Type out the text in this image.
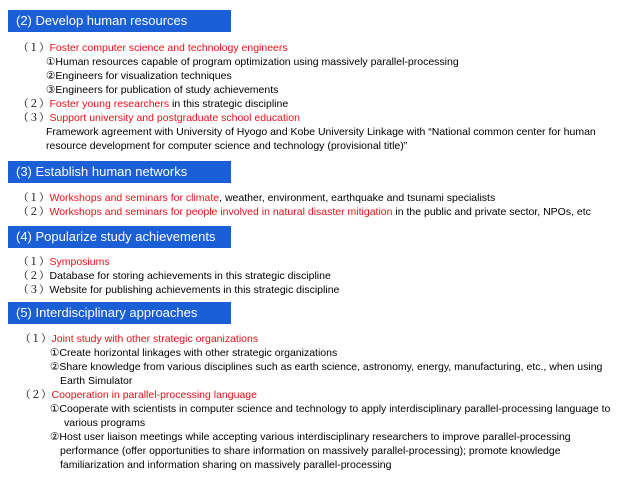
(2) Develop human resources
（１）Foster computer science and technology engineers
①Human resources capable of program optimization using massively parallel-processing
②Engineers for visualization techniques
③Engineers for publication of study achievements
（２）Foster young researchers in this strategic discipline
（３）Support university and postgraduate school education
Framework agreement with University of Hyogo and Kobe University Linkage with “National common center for human
resource development for computer science and technology (provisional title)”
(3) Establish human networks
（１）Workshops and seminars for climate, weather, environment, earthquake and tsunami specialists
（２）Workshops and seminars for people involved in natural disaster mitigation in the public and private sector, NPOs, etc
(4) Popularize study achievements
（１）Symposiums
（２）Database for storing achievements in this strategic discipline
（３）Website for publishing achievements in this strategic discipline
(5) Interdisciplinary approaches
（１）Joint study with other strategic organizations
①Create horizontal linkages with other strategic organizations
②Share knowledge from various disciplines such as earth science, astronomy, energy, manufacturing, etc., when using
Earth Simulator
（２）Cooperation in parallel-processing language
①Cooperate with scientists in computer science and technology to apply interdisciplinary parallel-processing language to
various programs
②Host user liaison meetings while accepting various interdisciplinary researchers to improve parallel-processing
performance (offer opportunities to share information on massively parallel-processing); promote knowledge
familiarization and information sharing on massively parallel-processing
